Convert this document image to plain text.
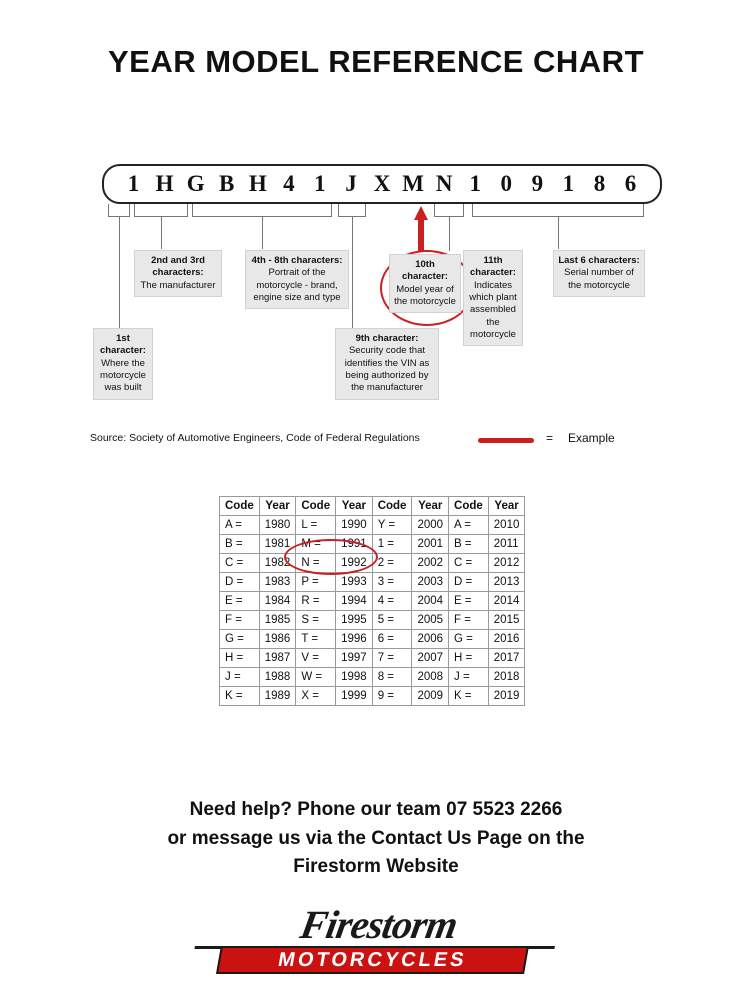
YEAR MODEL REFERENCE CHART
1 H G B H 4 1 J X M N 1 0 9 1 8 6
2nd and 3rd characters:
The manufacturer
4th - 8th characters:
Portrait of the motorcycle - brand, engine size and type
10th character:
Model year of the motorcycle
11th character:
Indicates which plant assembled the motorcycle
Last 6 characters:
Serial number of the motorcycle
1st character:
Where the motorcycle was built
9th character:
Security code that identifies the VIN as being authorized by the manufacturer
Source: Society of Automotive Engineers, Code of Federal Regulations	= Example
Code	Year	Code	Year	Code	Year	Code	Year
A =	1980	L =	1990	Y =	2000	A =	2010
B =	1981	M =	1991	1 =	2001	B =	2011
C =	1982	N =	1992	2 =	2002	C =	2012
D =	1983	P =	1993	3 =	2003	D =	2013
E =	1984	R =	1994	4 =	2004	E =	2014
F =	1985	S =	1995	5 =	2005	F =	2015
G =	1986	T =	1996	6 =	2006	G =	2016
H =	1987	V =	1997	7 =	2007	H =	2017
J =	1988	W =	1998	8 =	2008	J =	2018
K =	1989	X =	1999	9 =	2009	K =	2019
Need help? Phone our team 07 5523 2266
or message us via the Contact Us Page on the
Firestorm Website
Firestorm
MOTORCYCLES
